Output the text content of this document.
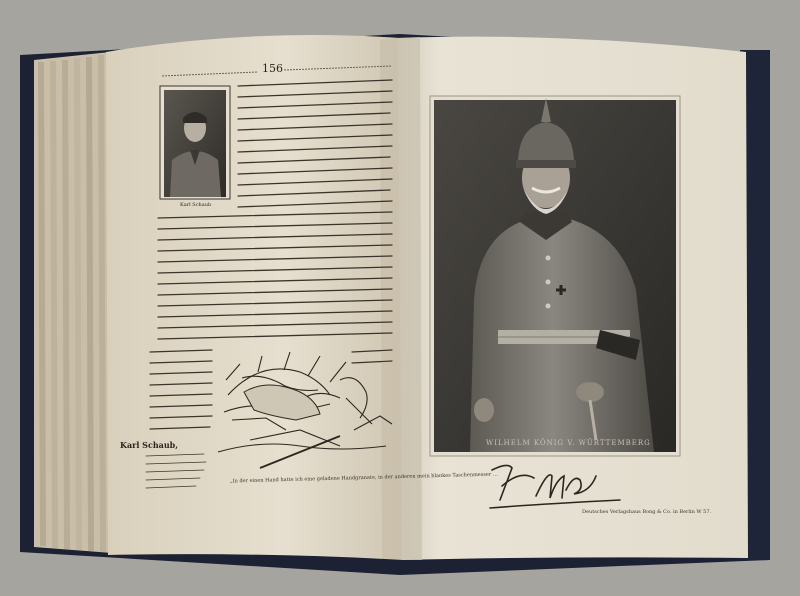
156
Karl Schaub
Karl Schaub,
„In der einen Hand hatte ich eine geladene Handgranate, in der anderen mein blankes Taschenmesser …
WILHELM KÖNIG V. WÜRTTEMBERG
Deutsches Verlagshaus Bong & Co. in Berlin W 57.
